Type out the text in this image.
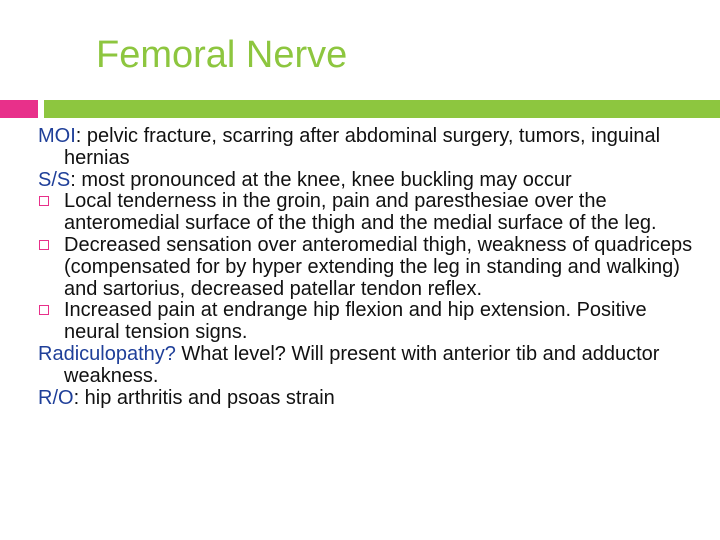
Femoral Nerve
MOI: pelvic fracture, scarring after abdominal surgery, tumors, inguinal hernias
S/S: most pronounced at the knee, knee buckling may occur
Local tenderness in the groin, pain and paresthesiae over the anteromedial surface of the thigh and the medial surface of the leg.
Decreased sensation over anteromedial thigh, weakness of quadriceps (compensated for by hyper extending the leg in standing and walking) and sartorius, decreased patellar tendon reflex.
Increased pain at endrange hip flexion and hip extension. Positive neural tension signs.
Radiculopathy? What level? Will present with anterior tib and adductor weakness.
R/O: hip arthritis and psoas strain
